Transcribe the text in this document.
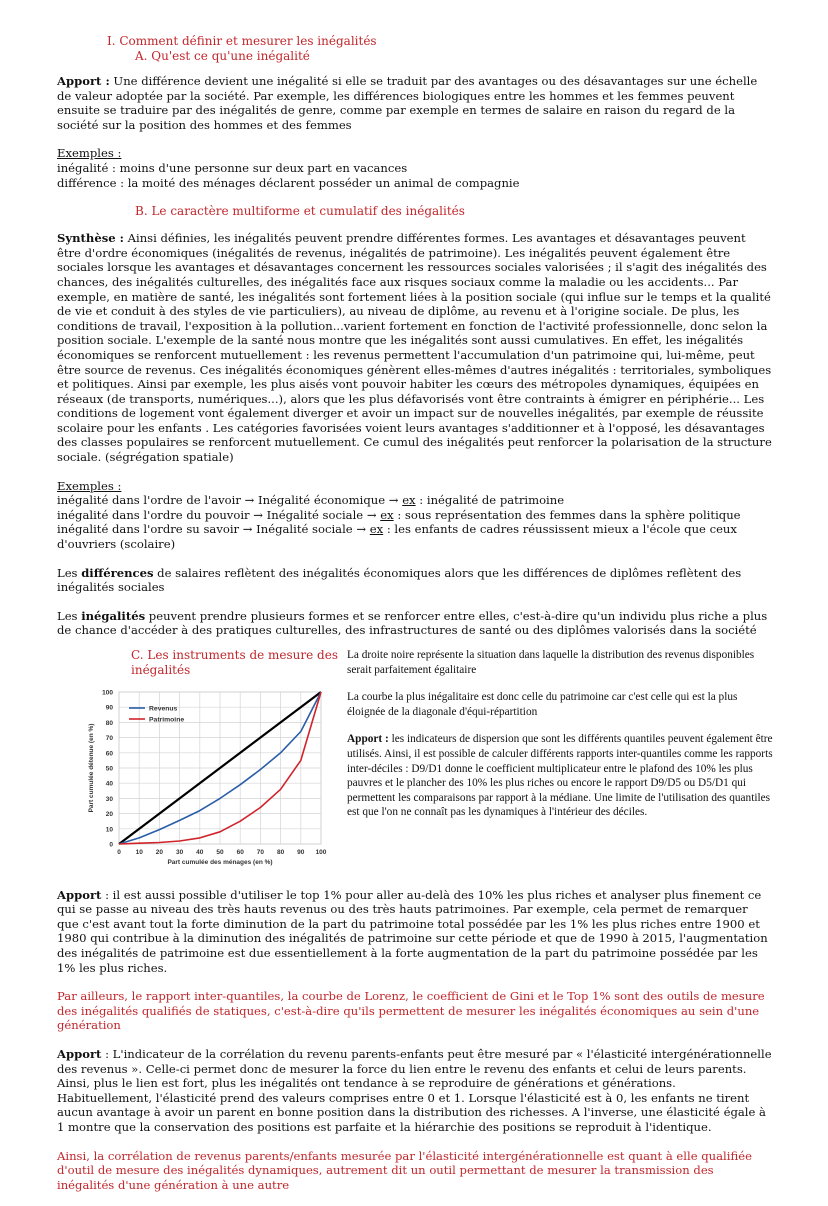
I. Comment définir et mesurer les inégalités
A. Qu'est ce qu'une inégalité

Apport : Une différence devient une inégalité si elle se traduit par des avantages ou des désavantages sur une échelle de valeur adoptée par la société. Par exemple, les différences biologiques entre les hommes et les femmes peuvent ensuite se traduire par des inégalités de genre, comme par exemple en termes de salaire en raison du regard de la société sur la position des hommes et des femmes

Exemples :
inégalité : moins d'une personne sur deux part en vacances
différence : la moité des ménages déclarent posséder un animal de compagnie
B. Le caractère multiforme et cumulatif des inégalités

Synthèse : Ainsi définies, les inégalités peuvent prendre différentes formes. Les avantages et désavantages peuvent être d'ordre économiques (inégalités de revenus, inégalités de patrimoine). Les inégalités peuvent également être sociales lorsque les avantages et désavantages concernent les ressources sociales valorisées ; il s'agit des inégalités des chances, des inégalités culturelles, des inégalités face aux risques sociaux comme la maladie ou les accidents... Par exemple, en matière de santé, les inégalités sont fortement liées à la position sociale (qui influe sur le temps et la qualité de vie et conduit à des styles de vie particuliers), au niveau de diplôme, au revenu et à l'origine sociale. De plus, les conditions de travail, l'exposition à la pollution...varient fortement en fonction de l'activité professionnelle, donc selon la position sociale. L'exemple de la santé nous montre que les inégalités sont aussi cumulatives. En effet, les inégalités économiques se renforcent mutuellement : les revenus permettent l'accumulation d'un patrimoine qui, lui-même, peut être source de revenus. Ces inégalités économiques génèrent elles-mêmes d'autres inégalités : territoriales, symboliques et politiques. Ainsi par exemple, les plus aisés vont pouvoir habiter les cœurs des métropoles dynamiques, équipées en réseaux (de transports, numériques...), alors que les plus défavorisés vont être contraints à émigrer en périphérie... Les conditions de logement vont également diverger et avoir un impact sur de nouvelles inégalités, par exemple de réussite scolaire pour les enfants . Les catégories favorisées voient leurs avantages s'additionner et à l'opposé, les désavantages des classes populaires se renforcent mutuellement. Ce cumul des inégalités peut renforcer la polarisation de la structure sociale. (ségrégation spatiale)

Exemples :
inégalité dans l'ordre de l'avoir → Inégalité économique → ex : inégalité de patrimoine
inégalité dans l'ordre du pouvoir → Inégalité sociale → ex : sous représentation des femmes dans la sphère politique
inégalité dans l'ordre su savoir → Inégalité sociale → ex : les enfants de cadres réussissent mieux a l'école que ceux d'ouvriers (scolaire)

Les différences de salaires reflètent des inégalités économiques alors que les différences de diplômes reflètent des inégalités sociales

Les inégalités peuvent prendre plusieurs formes et se renforcer entre elles, c'est-à-dire qu'un individu plus riche a plus de chance d'accéder à des pratiques culturelles, des infrastructures de santé ou des diplômes valorisés dans la société

C. Les instruments de mesure des inégalités
0
10
20
30
40
50
60
70
80
90
100
0 10 20 30 40 50 60 70 80 90 100
Part cumulée des ménages (en %)
Part cumulée détenue (en %)
Revenus
Patrimoine

La droite noire représente la situation dans laquelle la distribution des revenus disponibles serait parfaitement égalitaire

La courbe la plus inégalitaire est donc celle du patrimoine car c'est celle qui est la plus éloignée de la diagonale d'équi-répartition

Apport : les indicateurs de dispersion que sont les différents quantiles peuvent également être utilisés. Ainsi, il est possible de calculer différents rapports inter-quantiles comme les rapports inter-déciles : D9/D1 donne le coefficient multiplicateur entre le plafond des 10% les plus pauvres et le plancher des 10% les plus riches ou encore le rapport D9/D5 ou D5/D1 qui permettent les comparaisons par rapport à la médiane. Une limite de l'utilisation des quantiles est que l'on ne connaît pas les dynamiques à l'intérieur des déciles.

Apport : il est aussi possible d'utiliser le top 1% pour aller au-delà des 10% les plus riches et analyser plus finement ce qui se passe au niveau des très hauts revenus ou des très hauts patrimoines. Par exemple, cela permet de remarquer que c'est avant tout la forte diminution de la part du patrimoine total possédée par les 1% les plus riches entre 1900 et 1980 qui contribue à la diminution des inégalités de patrimoine sur cette période et que de 1990 à 2015, l'augmentation des inégalités de patrimoine est due essentiellement à la forte augmentation de la part du patrimoine possédée par les 1% les plus riches.

Par ailleurs, le rapport inter-quantiles, la courbe de Lorenz, le coefficient de Gini et le Top 1% sont des outils de mesure des inégalités qualifiés de statiques, c'est-à-dire qu'ils permettent de mesurer les inégalités économiques au sein d'une génération

Apport : L'indicateur de la corrélation du revenu parents-enfants peut être mesuré par « l'élasticité intergénérationnelle des revenus ». Celle-ci permet donc de mesurer la force du lien entre le revenu des enfants et celui de leurs parents. Ainsi, plus le lien est fort, plus les inégalités ont tendance à se reproduire de générations et générations. Habituellement, l'élasticité prend des valeurs comprises entre 0 et 1. Lorsque l'élasticité est à 0, les enfants ne tirent aucun avantage à avoir un parent en bonne position dans la distribution des richesses. A l'inverse, une élasticité égale à 1 montre que la conservation des positions est parfaite et la hiérarchie des positions se reproduit à l'identique.

Ainsi, la corrélation de revenus parents/enfants mesurée par l'élasticité intergénérationnelle est quant à elle qualifiée d'outil de mesure des inégalités dynamiques, autrement dit un outil permettant de mesurer la transmission des inégalités d'une génération à une autre
